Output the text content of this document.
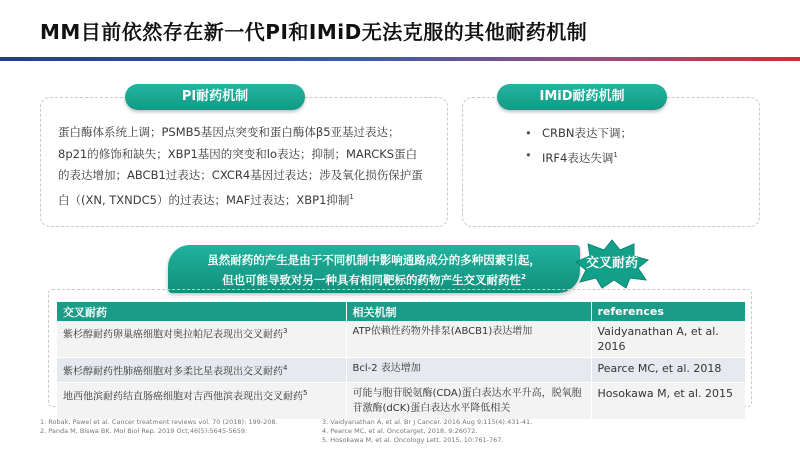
MM目前依然存在新一代PI和IMiD无法克服的其他耐药机制
PI耐药机制
蛋白酶体系统上调；PSMB5基因点突变和蛋白酶体β5亚基过表达；
8p21的修饰和缺失；XBP1基因的突变和lo表达；抑制；MARCKS蛋白
的表达增加；ABCB1过表达；CXCR4基因过表达；涉及氧化损伤保护蛋
白（(XN, TXNDC5）的过表达；MAF过表达；XBP1抑制$^1$
IMiD耐药机制
• CRBN表达下调；
• IRF4表达失调$^1$
虽然耐药的产生是由于不同机制中影响通路成分的多种因素引起，
但也可能导致对另一种具有相同靶标的药物产生交叉耐药性$^2$
交叉耐药
交叉耐药	相关机制	references
紫杉醇耐药卵巢癌细胞对奥拉帕尼表现出交叉耐药$^3$	ATP依赖性药物外排泵(ABCB1)表达增加	Vaidyanathan A, et al. 2016
紫杉醇耐药性肺癌细胞对多柔比星表现出交叉耐药$^4$	Bcl-2 表达增加	Pearce MC, et al. 2018
地西他滨耐药结直肠癌细胞对吉西他滨表现出交叉耐药$^5$	可能与胞苷脱氨酶(CDA)蛋白表达水平升高，脱氧胞苷激酶(dCK)蛋白表达水平降低相关	Hosokawa M, et al. 2015
1. Robak, Pawel et al. Cancer treatment reviews vol. 70 (2018): 199-208.
2. Panda M, Biswa BK. Mol Biol Rep. 2019 Oct;46(5):5645-5659.
3. Vaidyanathan A, et al. Br J Cancer. 2016 Aug 9;115(4):431-41.
4. Pearce MC, et al. Oncotarget, 2018, 9:26072.
5. Hosokawa M, et al. Oncology Lett, 2015, 10:761-767.
